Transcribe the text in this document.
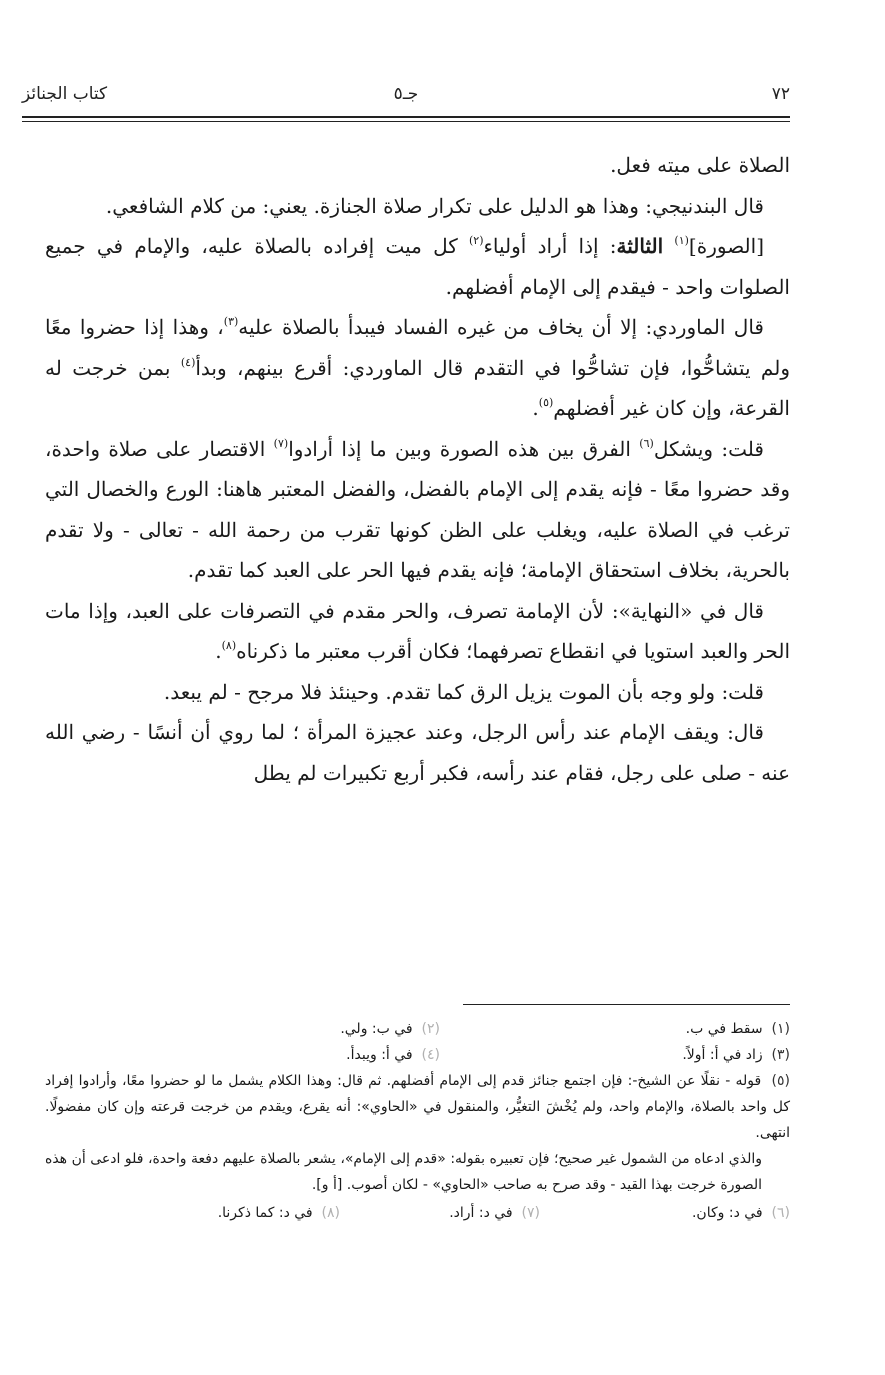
٧٢
جـ٥
كتاب الجنائز

الصلاة على ميته فعل.

قال البندنيجي: وهذا هو الدليل على تكرار صلاة الجنازة. يعني: من كلام الشافعي.

[الصورة]$^{(١)}$ الثالثة: إذا أراد أولياء$^{(٢)}$ كل ميت إفراده بالصلاة عليه، والإمام في جميع الصلوات واحد - فيقدم إلى الإمام أفضلهم.

قال الماوردي: إلا أن يخاف من غيره الفساد فيبدأ بالصلاة عليه$^{(٣)}$، وهذا إذا حضروا معًا ولم يتشاحُّوا، فإن تشاحُّوا في التقدم قال الماوردي: أقرع بينهم، وبدأ$^{(٤)}$ بمن خرجت له القرعة، وإن كان غير أفضلهم$^{(٥)}$.

قلت: ويشكل$^{(٦)}$ الفرق بين هذه الصورة وبين ما إذا أرادوا$^{(٧)}$ الاقتصار على صلاة واحدة، وقد حضروا معًا - فإنه يقدم إلى الإمام بالفضل، والفضل المعتبر هاهنا: الورع والخصال التي ترغب في الصلاة عليه، ويغلب على الظن كونها تقرب من رحمة الله - تعالى - ولا تقدم بالحرية، بخلاف استحقاق الإمامة؛ فإنه يقدم فيها الحر على العبد كما تقدم.

قال في «النهاية»: لأن الإمامة تصرف، والحر مقدم في التصرفات على العبد، وإذا مات الحر والعبد استويا في انقطاع تصرفهما؛ فكان أقرب معتبر ما ذكرناه$^{(٨)}$.

قلت: ولو وجه بأن الموت يزيل الرق كما تقدم. وحينئذ فلا مرجح - لم يبعد.

قال: ويقف الإمام عند رأس الرجل، وعند عجيزة المرأة ؛ لما روي أن أنسًا - رضي الله عنه - صلى على رجل، فقام عند رأسه، فكبر أربع تكبيرات لم يطل

(١)  سقط في ب.
(٢)  في ب: ولي.
(٣)  زاد في أ: أولاً.
(٤)  في أ: ويبدأ.

(٥)  قوله - نقلًا عن الشيخ-: فإن اجتمع جنائز قدم إلى الإمام أفضلهم. ثم قال: وهذا الكلام يشمل ما لو حضروا معًا، وأرادوا إفراد كل واحد بالصلاة، والإمام واحد، ولم يُخْشَ التغيُّر، والمنقول في «الحاوي»: أنه يقرع، ويقدم من خرجت قرعته وإن كان مفضولًا. انتهى.

والذي ادعاه من الشمول غير صحيح؛ فإن تعبيره بقوله: «قدم إلى الإمام»، يشعر بالصلاة عليهم دفعة واحدة، فلو ادعى أن هذه الصورة خرجت بهذا القيد - وقد صرح به صاحب «الحاوي» - لكان أصوب. [أ و].

(٦)  في د: وكان.
(٧)  في د: أراد.
(٨)  في د: كما ذكرنا.
